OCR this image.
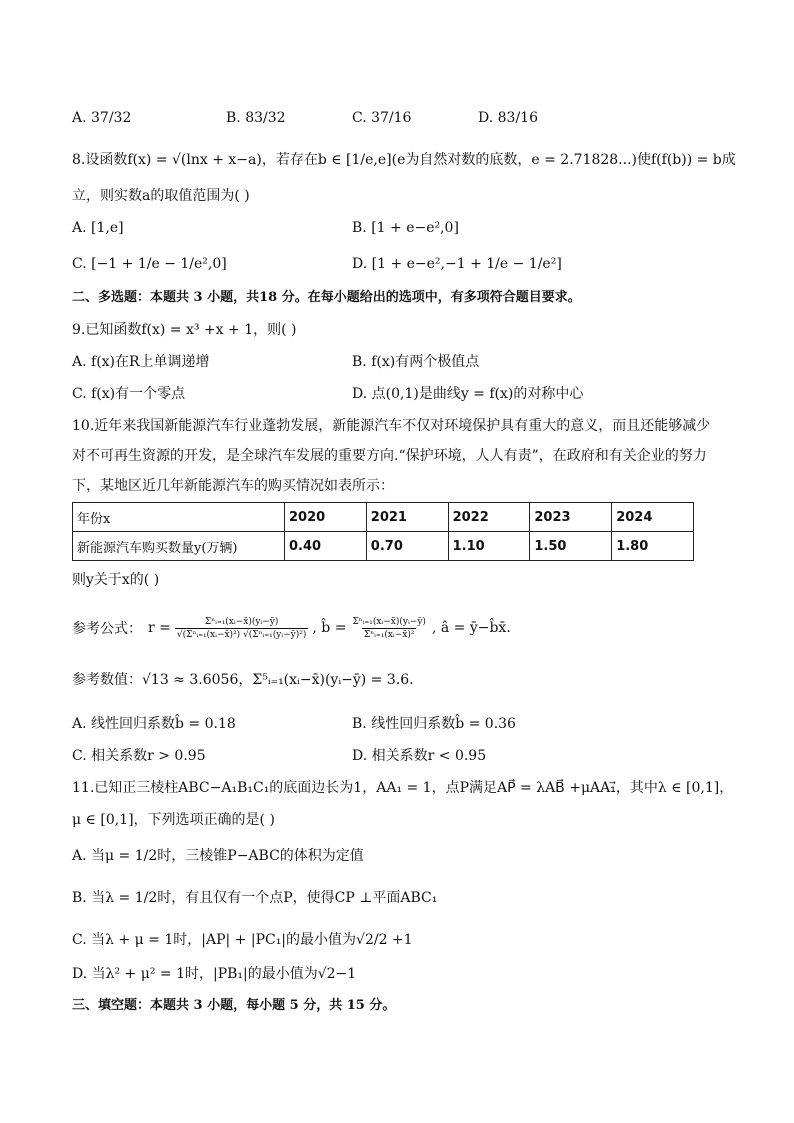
A. 37/32	B. 83/32	C. 37/16	D. 83/16
8.设函数f(x) = √(lnx + x−a)，若存在b ∈ [1/e,e](e为自然对数的底数，e = 2.71828...)使f(f(b)) = b成
立，则实数a的取值范围为( )
A. [1,e]	B. [1 + e−e²,0]
C. [−1 + 1/e − 1/e²,0]	D. [1 + e−e²,−1 + 1/e − 1/e²]
二、多选题：本题共 3 小题，共18 分。在每小题给出的选项中，有多项符合题目要求。
9.已知函数f(x) = x³ +x + 1，则( )
A. f(x)在R上单调递增	B. f(x)有两个极值点
C. f(x)有一个零点	D. 点(0,1)是曲线y = f(x)的对称中心
10.近年来我国新能源汽车行业蓬勃发展，新能源汽车不仅对环境保护具有重大的意义，而且还能够减少
对不可再生资源的开发，是全球汽车发展的重要方向.“保护环境，人人有责”，在政府和有关企业的努力
下，某地区近几年新能源汽车的购买情况如表所示：
年份x	2020	2021	2022	2023	2024
新能源汽车购买数量y(万辆)	0.40	0.70	1.10	1.50	1.80
则y关于x的( )
参考公式： r =	Σⁿᵢ₌₁(xᵢ−x̄)(yᵢ−ȳ)
√(Σⁿᵢ₌₁(xᵢ−x̄)²) √(Σⁿᵢ₌₁(yᵢ−ȳ)²) , b̂ = Σⁿᵢ₌₁(xᵢ−x̄)(yᵢ−ȳ)
Σⁿᵢ₌₁(xᵢ−x̄)² , â = ȳ−b̂x̄.
参考数值：√13 ≈ 3.6056，Σ⁵ᵢ₌₁(xᵢ−x̄)(yᵢ−ȳ) = 3.6.
A. 线性回归系数b̂ = 0.18	B. 线性回归系数b̂ = 0.36
C. 相关系数r > 0.95	D. 相关系数r < 0.95
11.已知正三棱柱ABC−A₁B₁C₁的底面边长为1，AA₁ = 1，点P满足AP⃗ = λAB⃗ +μAA₁⃗，其中λ ∈ [0,1]，
μ ∈ [0,1]，下列选项正确的是( )
A. 当μ = 1/2时，三棱锥P−ABC的体积为定值
B. 当λ = 1/2时，有且仅有一个点P，使得CP ⊥平面ABC₁
C. 当λ + μ = 1时，|AP| + |PC₁|的最小值为√2/2 +1
D. 当λ² + μ² = 1时，|PB₁|的最小值为√2−1
三、填空题：本题共 3 小题，每小题 5 分，共 15 分。
